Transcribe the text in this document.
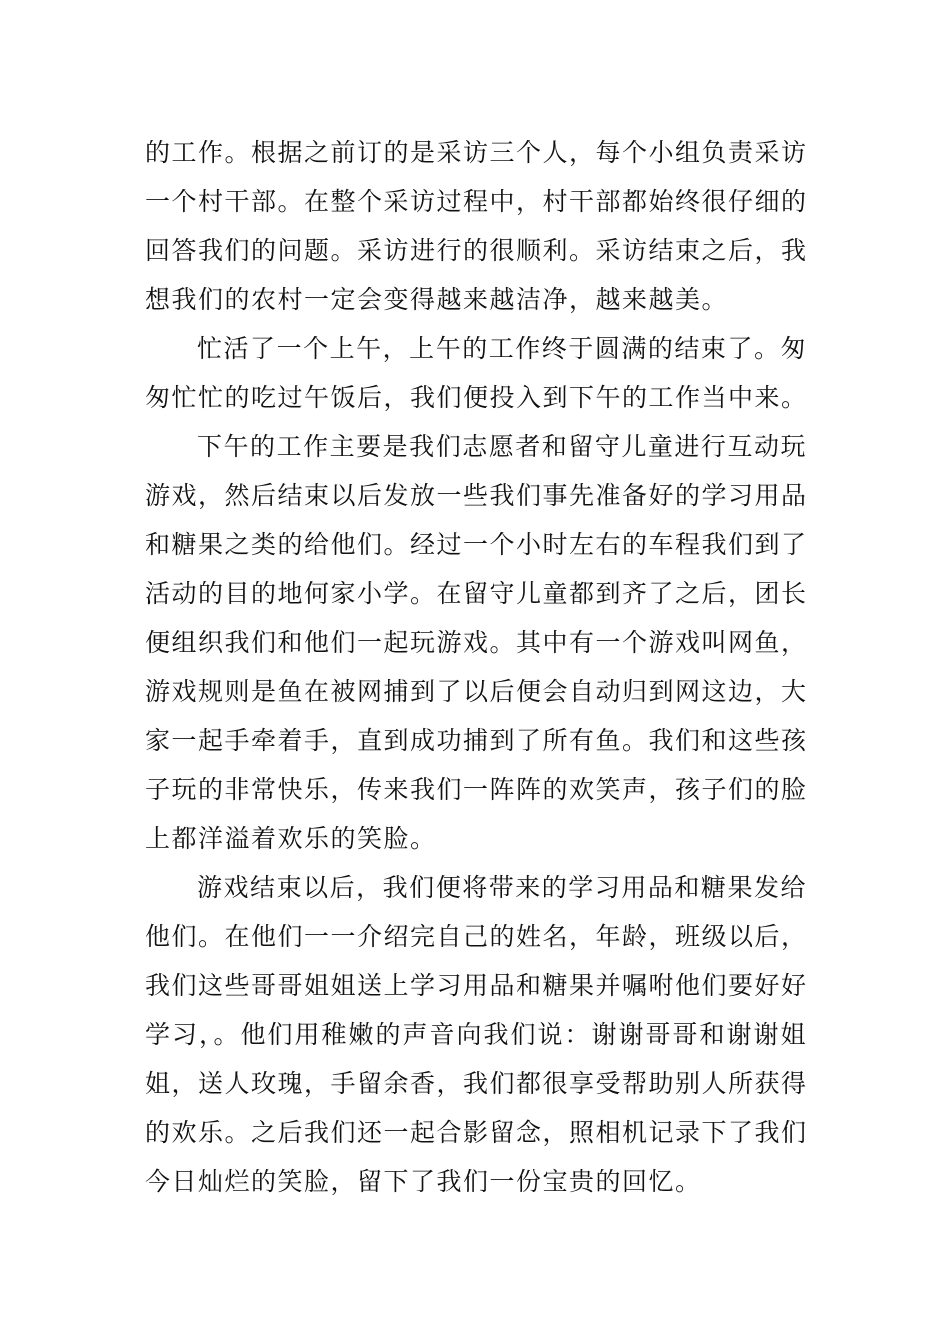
的工作。根据之前订的是采访三个人，每个小组负责采访
一个村干部。在整个采访过程中，村干部都始终很仔细的
回答我们的问题。采访进行的很顺利。采访结束之后，我
想我们的农村一定会变得越来越洁净，越来越美。
忙活了一个上午，上午的工作终于圆满的结束了。匆
匆忙忙的吃过午饭后，我们便投入到下午的工作当中来。
下午的工作主要是我们志愿者和留守儿童进行互动玩
游戏，然后结束以后发放一些我们事先准备好的学习用品
和糖果之类的给他们。经过一个小时左右的车程我们到了
活动的目的地何家小学。在留守儿童都到齐了之后，团长
便组织我们和他们一起玩游戏。其中有一个游戏叫网鱼，
游戏规则是鱼在被网捕到了以后便会自动归到网这边，大
家一起手牵着手，直到成功捕到了所有鱼。我们和这些孩
子玩的非常快乐，传来我们一阵阵的欢笑声，孩子们的脸
上都洋溢着欢乐的笑脸。
游戏结束以后，我们便将带来的学习用品和糖果发给
他们。在他们一一介绍完自己的姓名，年龄，班级以后，
我们这些哥哥姐姐送上学习用品和糖果并嘱咐他们要好好
学习，。他们用稚嫩的声音向我们说：谢谢哥哥和谢谢姐
姐，送人玫瑰，手留余香，我们都很享受帮助别人所获得
的欢乐。之后我们还一起合影留念，照相机记录下了我们
今日灿烂的笑脸，留下了我们一份宝贵的回忆。
